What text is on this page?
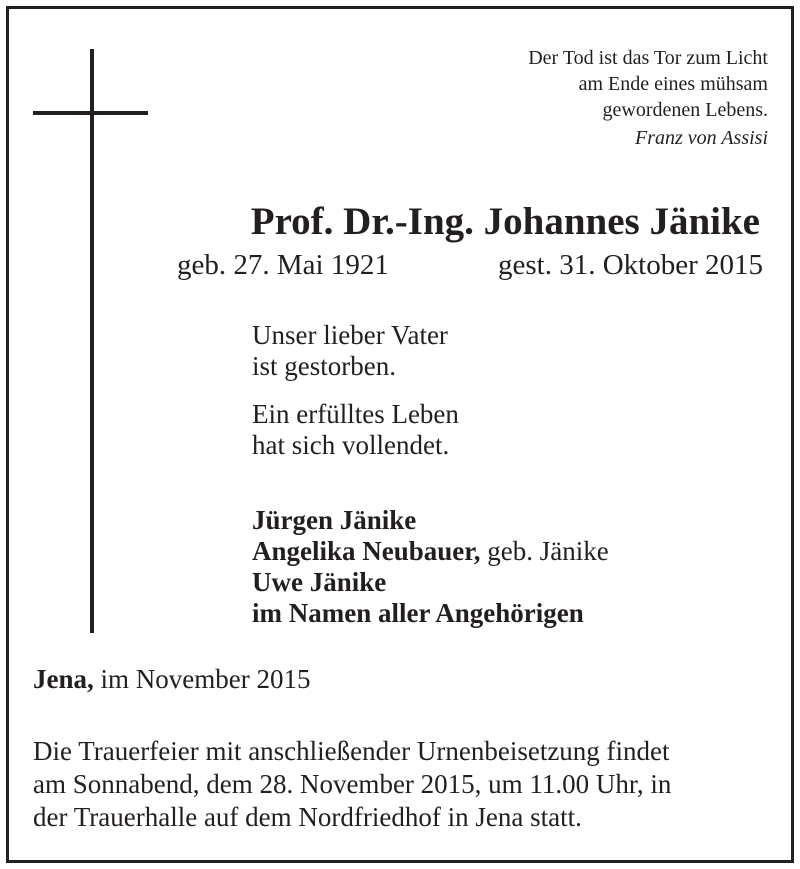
Der Tod ist das Tor zum Licht
am Ende eines mühsam
gewordenen Lebens.
Franz von Assisi
Prof. Dr.-Ing. Johannes Jänike
geb. 27. Mai 1921	gest. 31. Oktober 2015
Unser lieber Vater
ist gestorben.
Ein erfülltes Leben
hat sich vollendet.
Jürgen Jänike
Angelika Neubauer, geb. Jänike
Uwe Jänike
im Namen aller Angehörigen
Jena, im November 2015
Die Trauerfeier mit anschließender Urnenbeisetzung findet
am Sonnabend, dem 28. November 2015, um 11.00 Uhr, in
der Trauerhalle auf dem Nordfriedhof in Jena statt.
